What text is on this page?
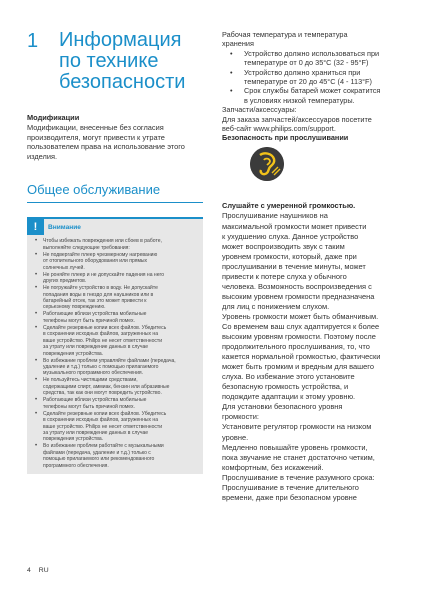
1	Информация
по технике
безопасности
Модификации
Модификации, внесенные без согласия
производителя, могут привести к утрате
пользователем права на использование этого
изделия.
Общее обслуживание
!	Внимание
• Чтобы избежать повреждения или сбоев в работе,
выполняйте следующие требования:
• Не подвергайте плеер чрезмерному нагреванию
от отопительного оборудования или прямых
солнечных лучей.
• Не роняйте плеер и не допускайте падения на него
других предметов.
• Не погружайте устройство в воду. Не допускайте
попадания воды в гнездо для наушников или в
батарейный отсек, так это может привести к
серьезному повреждению.
• Работающие вблизи устройства мобильные
телефоны могут быть причиной помех.
• Сделайте резервные копии всех файлов. Убедитесь
в сохранении исходных файлов, загруженных на
ваше устройство. Philips не несет ответственности
за утрату или повреждение данных в случае
повреждения устройства.
• Во избежание проблем управляйте файлами (передача,
удаление и т.д.) только с помощью прилагаемого
музыкального программного обеспечения.
• Не пользуйтесь чистящими средствами,
содержащими спирт, аммиак, бензин или абразивные
средства, так как они могут повредить устройство.
• Работающие вблизи устройства мобильные
телефоны могут быть причиной помех.
• Сделайте резервные копии всех файлов. Убедитесь
в сохранении исходных файлов, загруженных на
ваше устройство. Philips не несет ответственности
за утрату или повреждение данных в случае
повреждения устройства.
• Во избежание проблем работайте с музыкальными
файлами (передача, удаление и т.д.) только с
помощью прилагаемого или рекомендованного
программного обеспечения.
4 RU
Рабочая температура и температура
хранения
• Устройство должно использоваться при
температуре от 0 до 35°C (32 - 95°F)
• Устройство должно храниться при
температуре от 20 до 45°C (4 - 113°F)
• Срок службы батарей может сократится
в условиях низкой температуры.
Запчасти/аксессуары:
Для заказа запчастей/аксессуаров посетите
веб-сайт www.philips.com/support.
Безопасность при прослушивании
Слушайте с умеренной громкостью.
Прослушивание наушников на
максимальной громкости может привести
к ухудшению слуха. Данное устройство
может воспроизводить звук с таким
уровнем громкости, который, даже при
прослушивании в течение минуты, может
привести к потере слуха у обычного
человека. Возможность воспроизведения с
высоким уровнем громкости предназначена
для лиц с понижением слухом.
Уровень громкости может быть обманчивым.
Со временем ваш слух адаптируется к более
высоким уровням громкости. Поэтому после
продолжительного прослушивания, то, что
кажется нормальной громкостью, фактически
может быть громким и вредным для вашего
слуха. Во избежание этого установите
безопасную громкость устройства, и
подождите адаптации к этому уровню.
Для установки безопасного уровня
громкости:
Установите регулятор громкости на низком
уровне.
Медленно повышайте уровень громкости,
пока звучание не станет достаточно четким,
комфортным, без искажений.
Прослушивание в течение разумного срока:
Прослушивание в течение длительного
времени, даже при безопасном уровне
